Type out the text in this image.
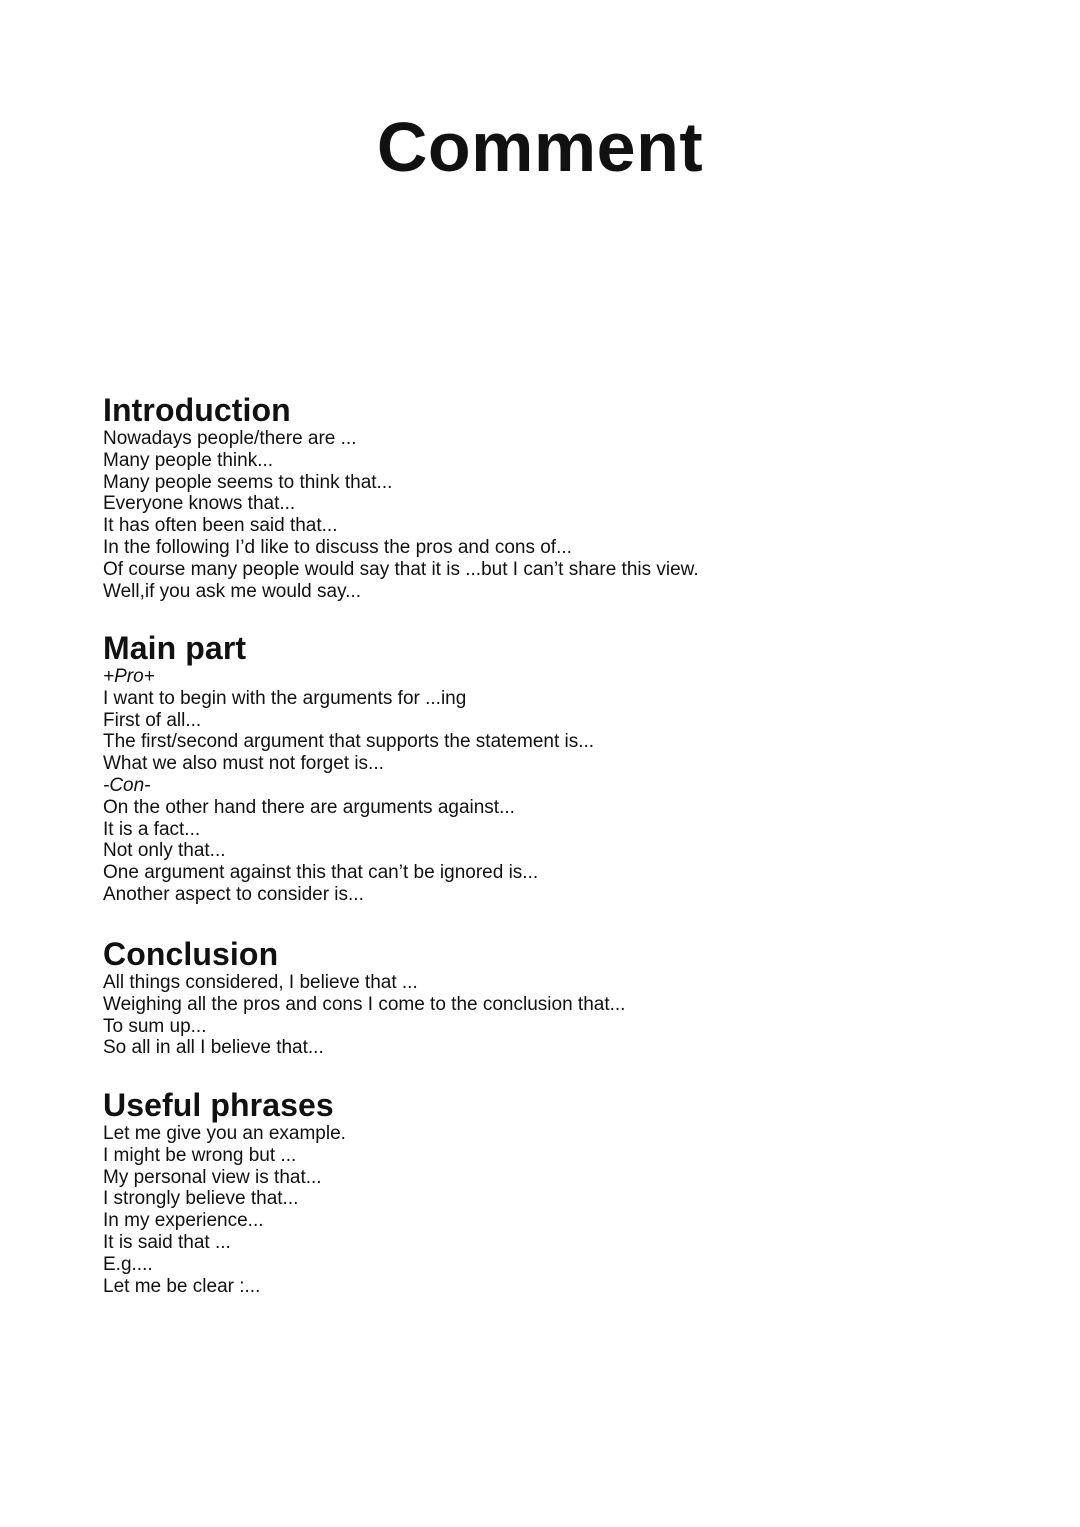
Comment
Introduction
Nowadays people/there are ...
Many people think...
Many people seems to think that...
Everyone knows that...
It has often been said that...
In the following I’d like to discuss the pros and cons of...
Of course many people would say that it is ...but I can’t share this view.
Well,if you ask me would say...
Main part
+Pro+
I want to begin with the arguments for ...ing
First of all...
The first/second argument that supports the statement is...
What we also must not forget is...
-Con-
On the other hand there are arguments against...
It is a fact...
Not only that...
One argument against this that can’t be ignored is...
Another aspect to consider is...
Conclusion
All things considered, I believe that ...
Weighing all the pros and cons I come to the conclusion that...
To sum up...
So all in all I believe that...
Useful phrases
Let me give you an example.
I might be wrong but ...
My personal view is that...
I strongly believe that...
In my experience...
It is said that ...
E.g....
Let me be clear :...
